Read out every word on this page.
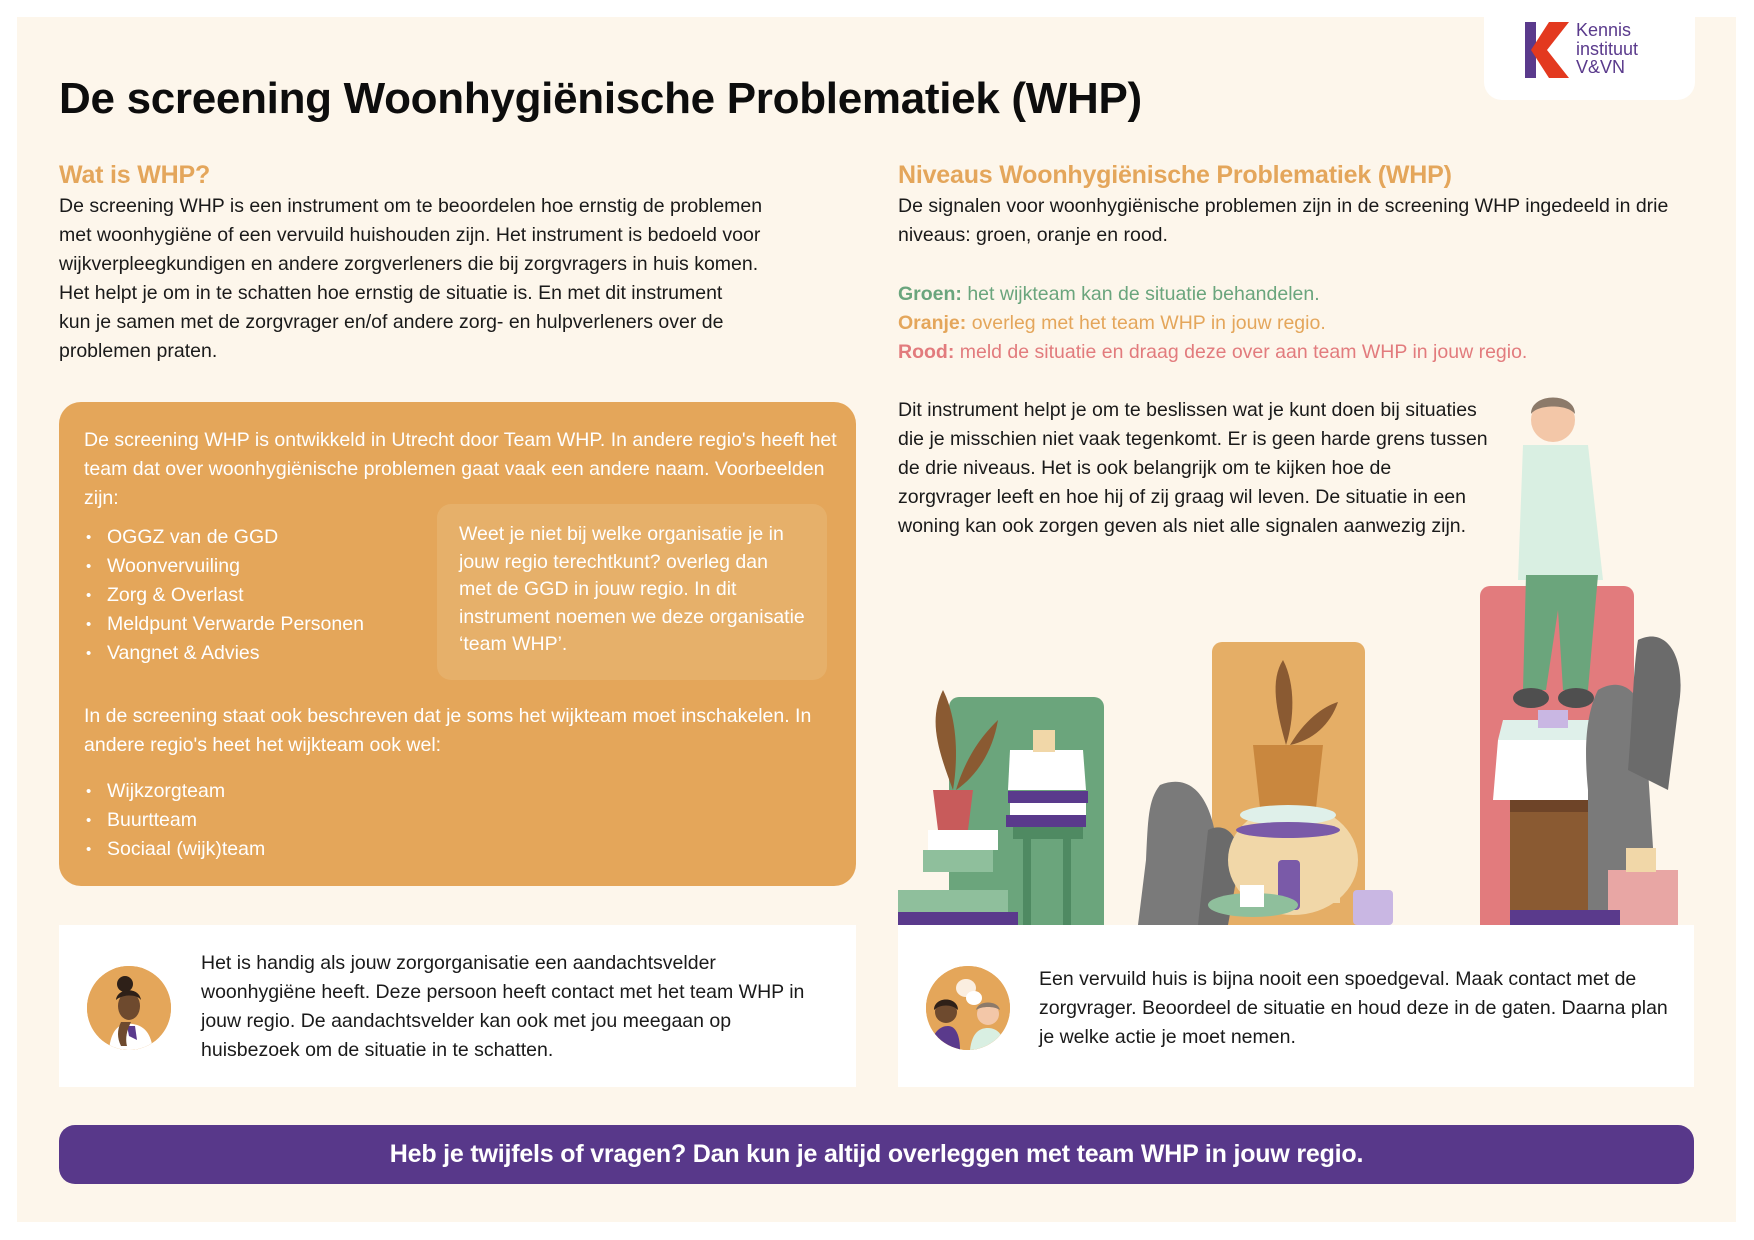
Kennis
instituut
V&VN
De screening Woonhygiënische Problematiek (WHP)
Wat is WHP?
De screening WHP is een instrument om te beoordelen hoe ernstig de problemen
met woonhygiëne of een vervuild huishouden zijn. Het instrument is bedoeld voor
wijkverpleegkundigen en andere zorgverleners die bij zorgvragers in huis komen.
Het helpt je om in te schatten hoe ernstig de situatie is. En met dit instrument
kun je samen met de zorgvrager en/of andere zorg- en hulpverleners over de
problemen praten.

De screening WHP is ontwikkeld in Utrecht door Team WHP. In andere regio's heeft het team dat over woonhygiënische problemen gaat vaak een andere naam. Voorbeelden zijn:

• OGGZ van de GGD
• Woonvervuiling
• Zorg & Overlast
• Meldpunt Verwarde Personen
• Vangnet & Advies
Weet je niet bij welke organisatie je in jouw regio terechtkunt? overleg dan met de GGD in jouw regio. In dit instrument noemen we deze organisatie ‘team WHP’.

In de screening staat ook beschreven dat je soms het wijkteam moet inschakelen. In andere regio's heet het wijkteam ook wel:

• Wijkzorgteam
• Buurtteam
• Sociaal (wijk)team

Het is handig als jouw zorgorganisatie een aandachtsvelder woonhygiëne heeft. Deze persoon heeft contact met het team WHP in jouw regio. De aandachtsvelder kan ook met jou meegaan op huisbezoek om de situatie in te schatten.

Niveaus Woonhygiënische Problematiek (WHP)

De signalen voor woonhygiënische problemen zijn in de screening WHP ingedeeld in drie niveaus: groen, oranje en rood.

Groen: het wijkteam kan de situatie behandelen.
Oranje: overleg met het team WHP in jouw regio.
Rood: meld de situatie en draag deze over aan team WHP in jouw regio.

Dit instrument helpt je om te beslissen wat je kunt doen bij situaties die je misschien niet vaak tegenkomt. Er is geen harde grens tussen de drie niveaus. Het is ook belangrijk om te kijken hoe de zorgvrager leeft en hoe hij of zij graag wil leven. De situatie in een woning kan ook zorgen geven als niet alle signalen aanwezig zijn.

Een vervuild huis is bijna nooit een spoedgeval. Maak contact met de zorgvrager. Beoordeel de situatie en houd deze in de gaten. Daarna plan je welke actie je moet nemen.

Heb je twijfels of vragen? Dan kun je altijd overleggen met team WHP in jouw regio.
